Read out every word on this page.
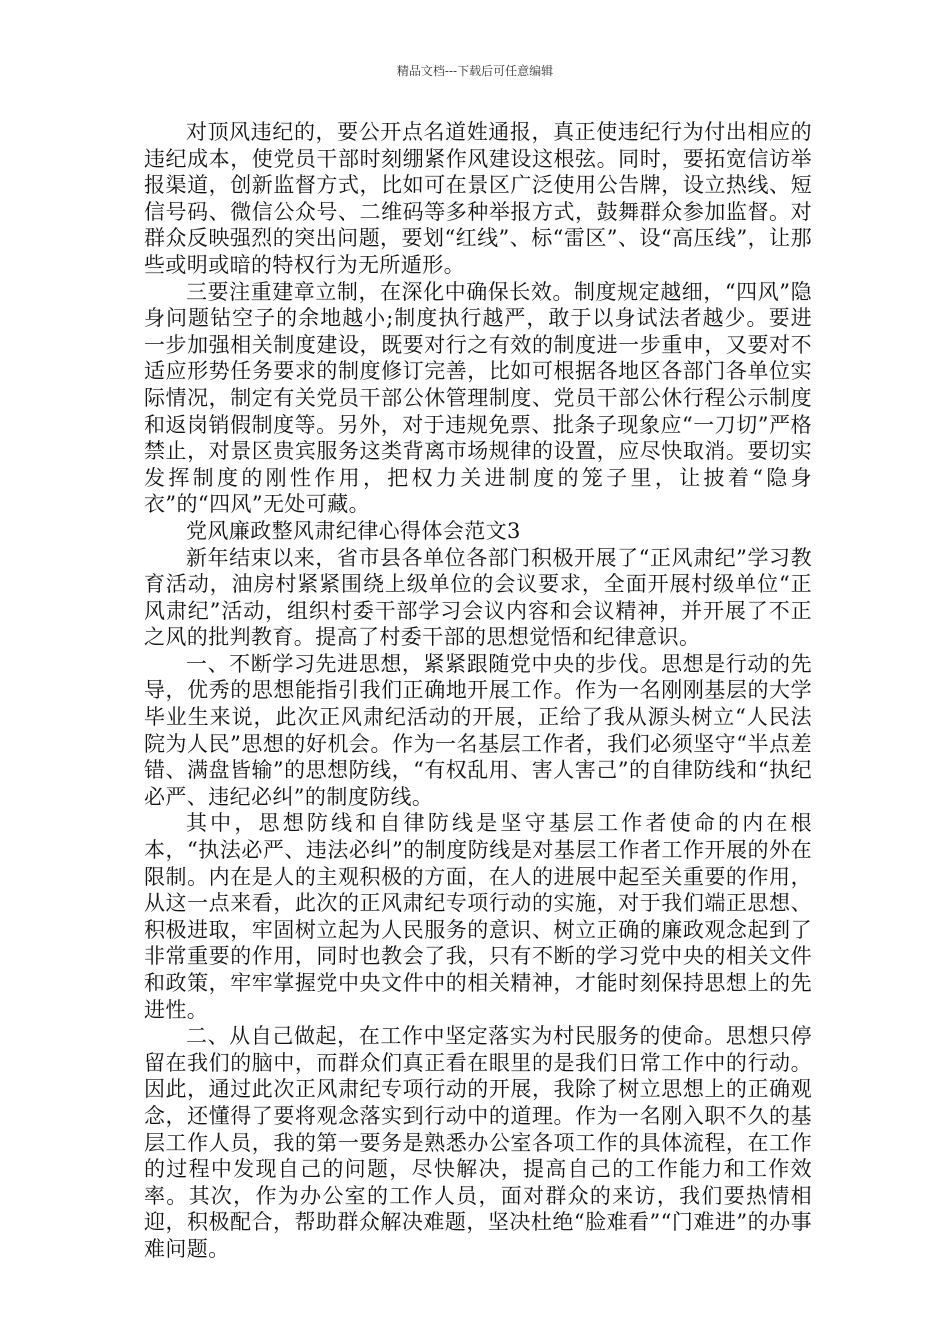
精品文档---下载后可任意编辑

对顶风违纪的，要公开点名道姓通报，真正使违纪行为付出相应的违纪成本，使党员干部时刻绷紧作风建设这根弦。同时，要拓宽信访举报渠道，创新监督方式，比如可在景区广泛使用公告牌，设立热线、短信号码、微信公众号、二维码等多种举报方式，鼓舞群众参加监督。对群众反映强烈的突出问题，要划“红线”、标“雷区”、设“高压线”，让那些或明或暗的特权行为无所遁形。

三要注重建章立制，在深化中确保长效。制度规定越细，“四风”隐身问题钻空子的余地越小;制度执行越严，敢于以身试法者越少。要进一步加强相关制度建设，既要对行之有效的制度进一步重申，又要对不适应形势任务要求的制度修订完善，比如可根据各地区各部门各单位实际情况，制定有关党员干部公休管理制度、党员干部公休行程公示制度和返岗销假制度等。另外，对于违规免票、批条子现象应“一刀切”严格禁止，对景区贵宾服务这类背离市场规律的设置，应尽快取消。要切实发挥制度的刚性作用，把权力关进制度的笼子里，让披着“隐身衣”的“四风”无处可藏。

党风廉政整风肃纪律心得体会范文3

新年结束以来，省市县各单位各部门积极开展了“正风肃纪”学习教育活动，油房村紧紧围绕上级单位的会议要求，全面开展村级单位“正风肃纪”活动，组织村委干部学习会议内容和会议精神，并开展了不正之风的批判教育。提高了村委干部的思想觉悟和纪律意识。

一、不断学习先进思想，紧紧跟随党中央的步伐。思想是行动的先导，优秀的思想能指引我们正确地开展工作。作为一名刚刚基层的大学毕业生来说，此次正风肃纪活动的开展，正给了我从源头树立“人民法院为人民”思想的好机会。作为一名基层工作者，我们必须坚守“半点差错、满盘皆输”的思想防线，“有权乱用、害人害己”的自律防线和“执纪必严、违纪必纠”的制度防线。

其中，思想防线和自律防线是坚守基层工作者使命的内在根本，“执法必严、违法必纠”的制度防线是对基层工作者工作开展的外在限制。内在是人的主观积极的方面，在人的进展中起至关重要的作用，从这一点来看，此次的正风肃纪专项行动的实施，对于我们端正思想、积极进取，牢固树立起为人民服务的意识、树立正确的廉政观念起到了非常重要的作用，同时也教会了我，只有不断的学习党中央的相关文件和政策，牢牢掌握党中央文件中的相关精神，才能时刻保持思想上的先进性。

二、从自己做起，在工作中坚定落实为村民服务的使命。思想只停留在我们的脑中，而群众们真正看在眼里的是我们日常工作中的行动。因此，通过此次正风肃纪专项行动的开展，我除了树立思想上的正确观念，还懂得了要将观念落实到行动中的道理。作为一名刚入职不久的基层工作人员，我的第一要务是熟悉办公室各项工作的具体流程，在工作的过程中发现自己的问题，尽快解决，提高自己的工作能力和工作效率。其次，作为办公室的工作人员，面对群众的来访，我们要热情相迎，积极配合，帮助群众解决难题，坚决杜绝“脸难看”“门难进”的办事难问题。
